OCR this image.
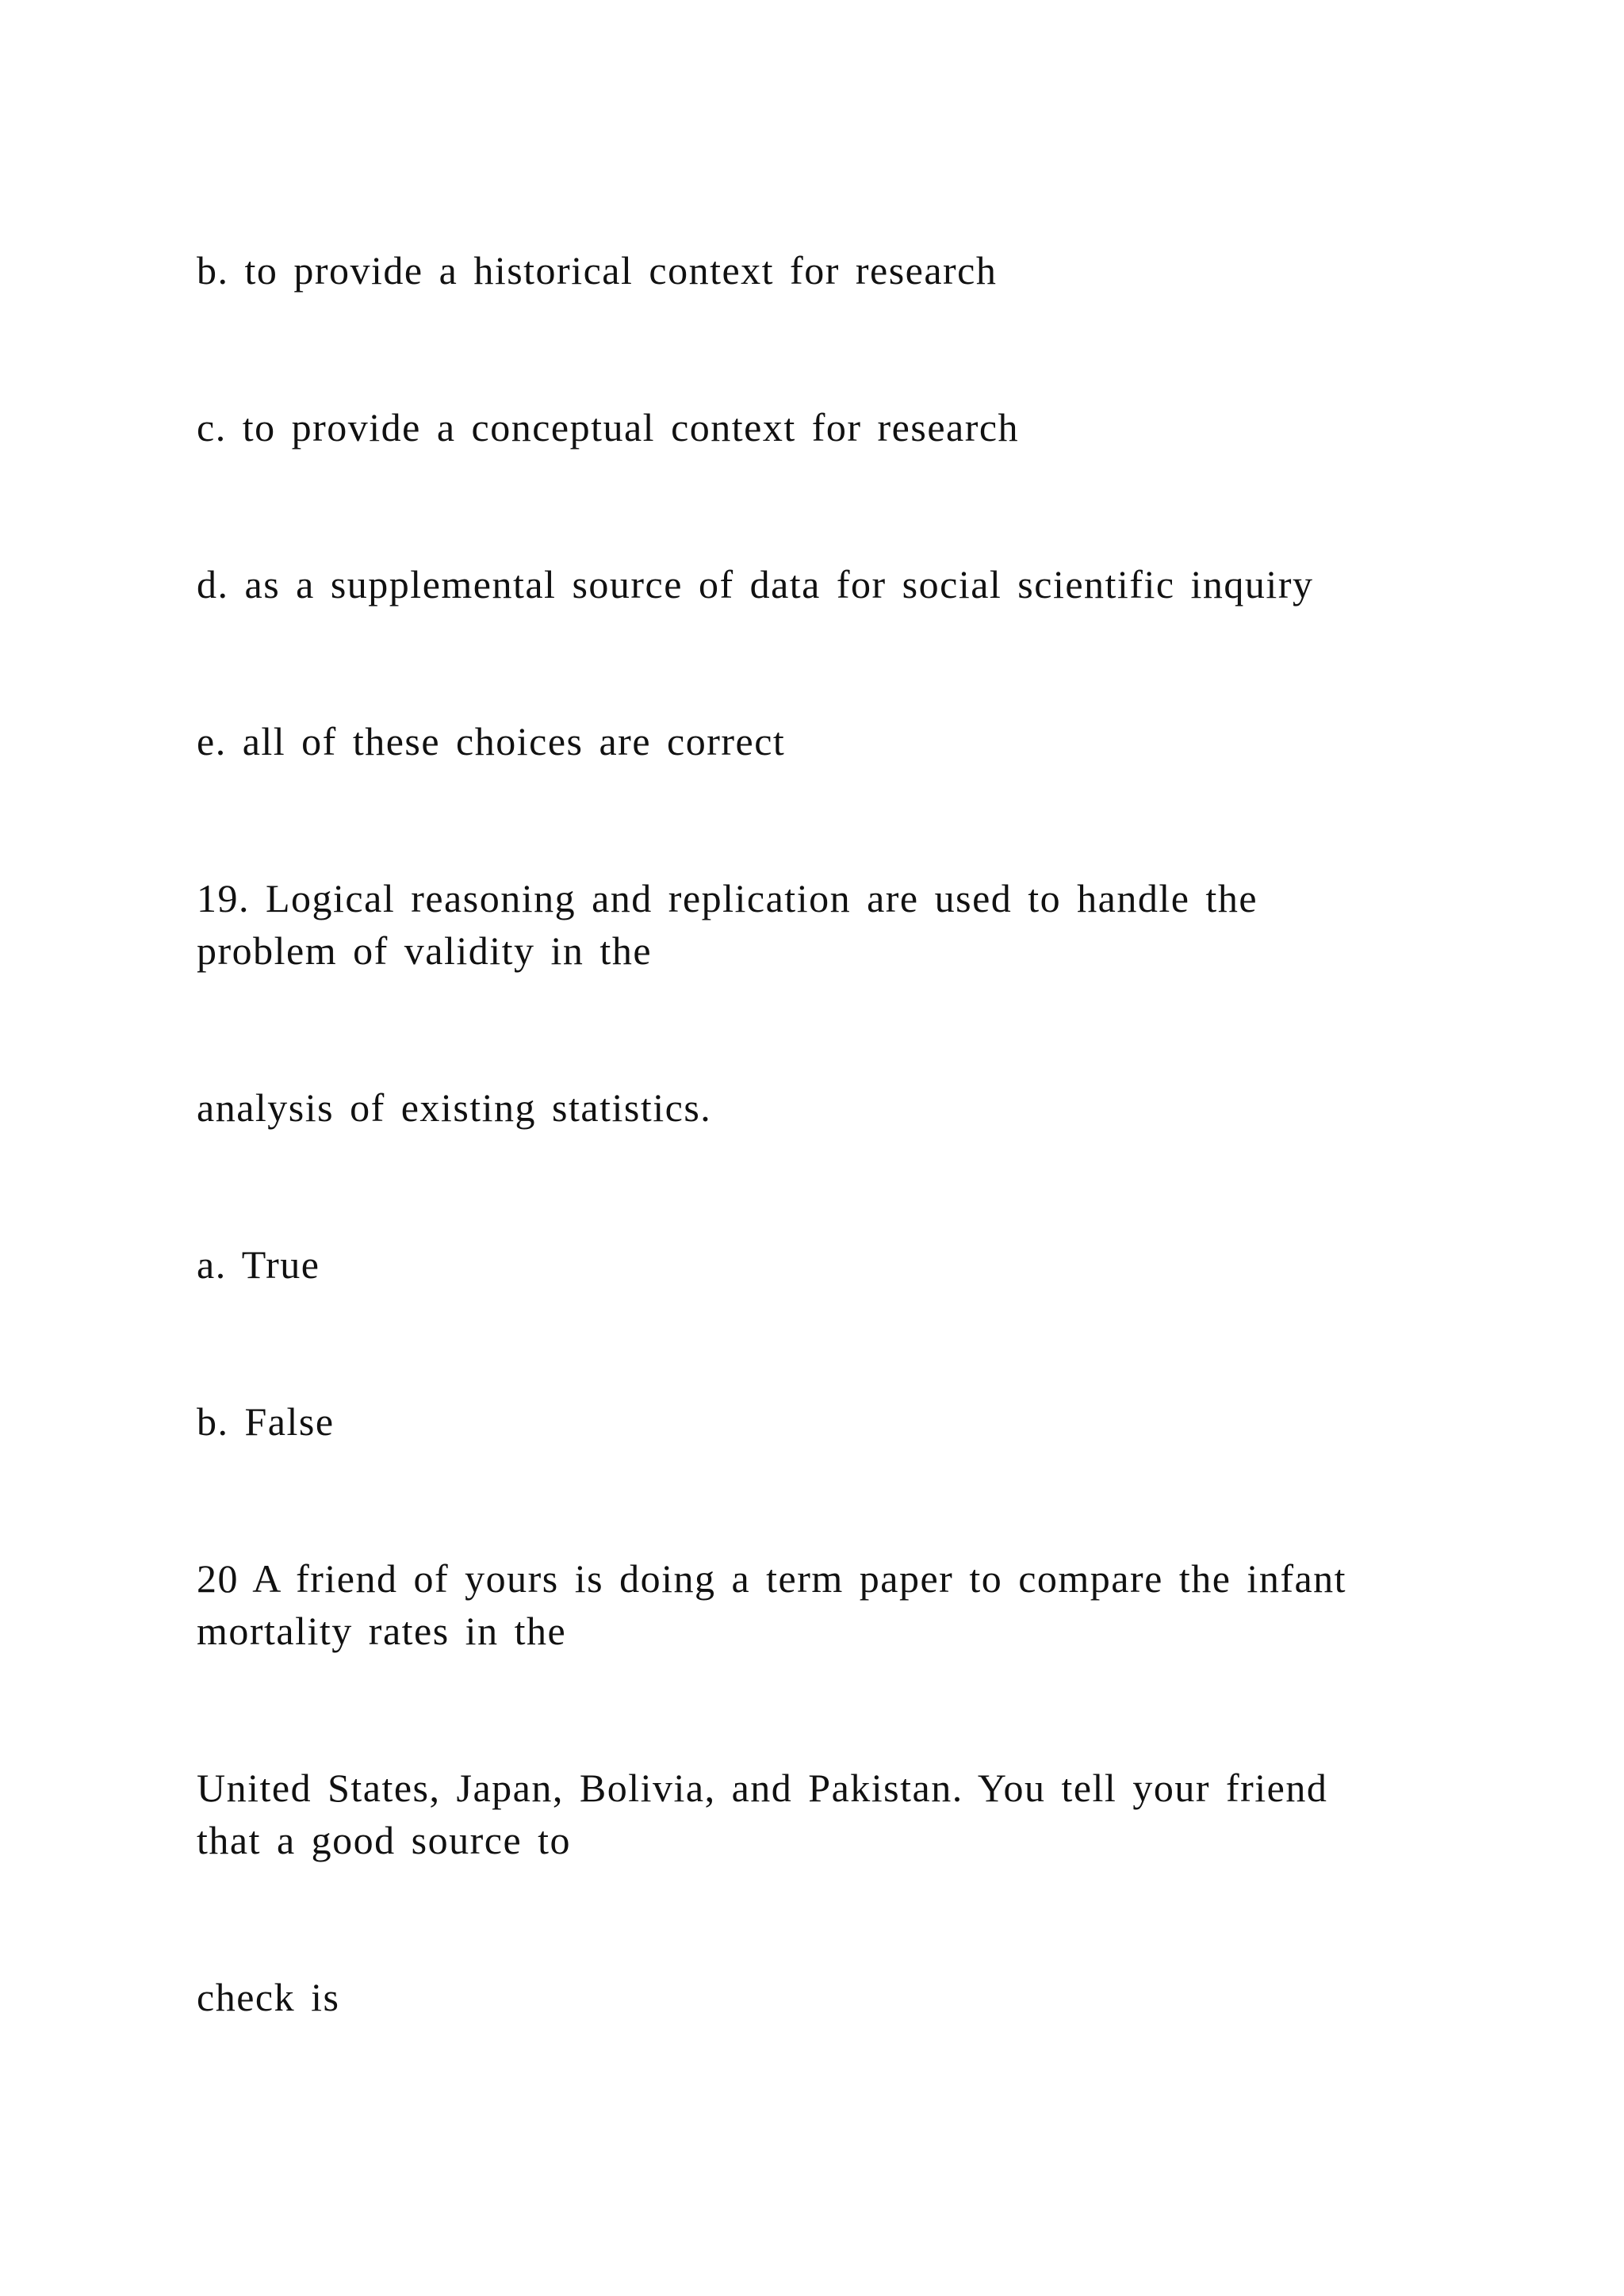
b. to provide a historical context for research
c. to provide a conceptual context for research
d. as a supplemental source of data for social scientific inquiry
e. all of these choices are correct
19. Logical reasoning and replication are used to handle the
problem of validity in the
analysis of existing statistics.
a. True
b. False
20 A friend of yours is doing a term paper to compare the infant
mortality rates in the
United States, Japan, Bolivia, and Pakistan. You tell your friend
that a good source to
check is
